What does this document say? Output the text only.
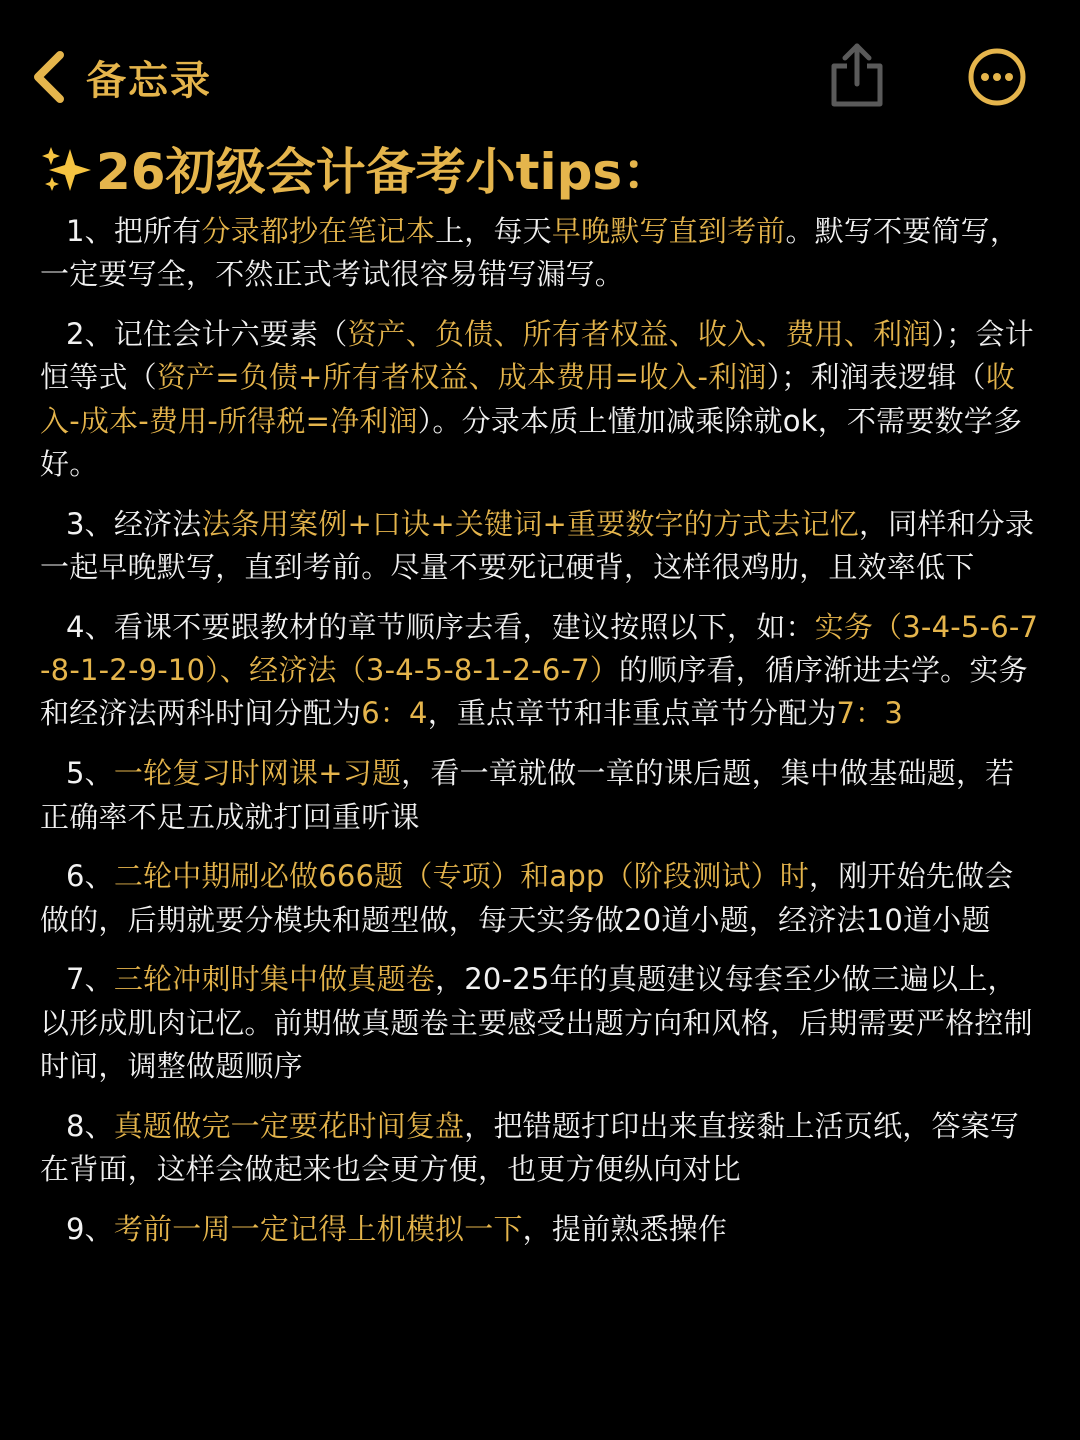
备忘录
26初级会计备考小tips：
1、把所有分录都抄在笔记本上，每天早晚默写直到考前。默写不要简写，一定要写全，不然正式考试很容易错写漏写。
2、记住会计六要素（资产、负债、所有者权益、收入、费用、利润）；会计恒等式（资产=负债+所有者权益、成本费用=收入-利润）；利润表逻辑（收入-成本-费用-所得税=净利润）。分录本质上懂加减乘除就ok，不需要数学多好。
3、经济法法条用案例+口诀+关键词+重要数字的方式去记忆，同样和分录一起早晚默写，直到考前。尽量不要死记硬背，这样很鸡肋，且效率低下
4、看课不要跟教材的章节顺序去看，建议按照以下，如：实务（3-4-5-6-7-8-1-2-9-10）、经济法（3-4-5-8-1-2-6-7）的顺序看，循序渐进去学。实务和经济法两科时间分配为6：4，重点章节和非重点章节分配为7：3
5、一轮复习时网课+习题，看一章就做一章的课后题，集中做基础题，若正确率不足五成就打回重听课
6、二轮中期刷必做666题（专项）和app（阶段测试）时，刚开始先做会做的，后期就要分模块和题型做，每天实务做20道小题，经济法10道小题
7、三轮冲刺时集中做真题卷，20-25年的真题建议每套至少做三遍以上，以形成肌肉记忆。前期做真题卷主要感受出题方向和风格，后期需要严格控制时间，调整做题顺序
8、真题做完一定要花时间复盘，把错题打印出来直接黏上活页纸，答案写在背面，这样会做起来也会更方便，也更方便纵向对比
9、考前一周一定记得上机模拟一下，提前熟悉操作
